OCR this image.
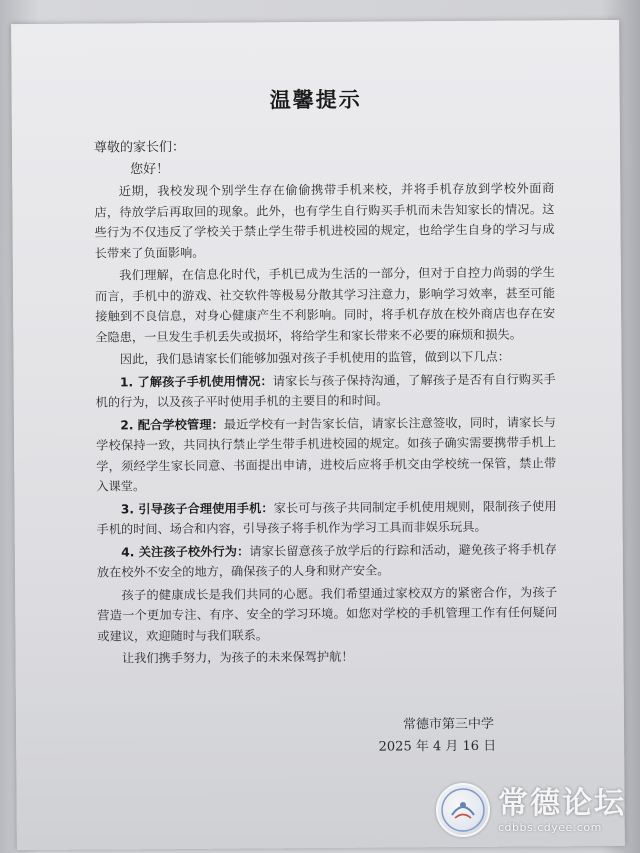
温馨提示
尊敬的家长们：
您好！

近期，我校发现个别学生存在偷偷携带手机来校，并将手机存放到学校外面商店，待放学后再取回的现象。此外，也有学生自行购买手机而未告知家长的情况。这些行为不仅违反了学校关于禁止学生带手机进校园的规定，也给学生自身的学习与成长带来了负面影响。

我们理解，在信息化时代，手机已成为生活的一部分，但对于自控力尚弱的学生而言，手机中的游戏、社交软件等极易分散其学习注意力，影响学习效率，甚至可能接触到不良信息，对身心健康产生不利影响。同时，将手机存放在校外商店也存在安全隐患，一旦发生手机丢失或损坏，将给学生和家长带来不必要的麻烦和损失。

因此，我们恳请家长们能够加强对孩子手机使用的监管，做到以下几点：

1. 了解孩子手机使用情况：请家长与孩子保持沟通，了解孩子是否有自行购买手机的行为，以及孩子平时使用手机的主要目的和时间。

2. 配合学校管理：最近学校有一封告家长信，请家长注意签收，同时，请家长与学校保持一致，共同执行禁止学生带手机进校园的规定。如孩子确实需要携带手机上学，须经学生家长同意、书面提出申请，进校后应将手机交由学校统一保管，禁止带入课堂。

3. 引导孩子合理使用手机：家长可与孩子共同制定手机使用规则，限制孩子使用手机的时间、场合和内容，引导孩子将手机作为学习工具而非娱乐玩具。

4. 关注孩子校外行为：请家长留意孩子放学后的行踪和活动，避免孩子将手机存放在校外不安全的地方，确保孩子的人身和财产安全。

孩子的健康成长是我们共同的心愿。我们希望通过家校双方的紧密合作，为孩子营造一个更加专注、有序、安全的学习环境。如您对学校的手机管理工作有任何疑问或建议，欢迎随时与我们联系。

让我们携手努力，为孩子的未来保驾护航！

常德市第三中学
2025 年 4 月 16 日
常德论坛
cdbbs.cdyee.com
